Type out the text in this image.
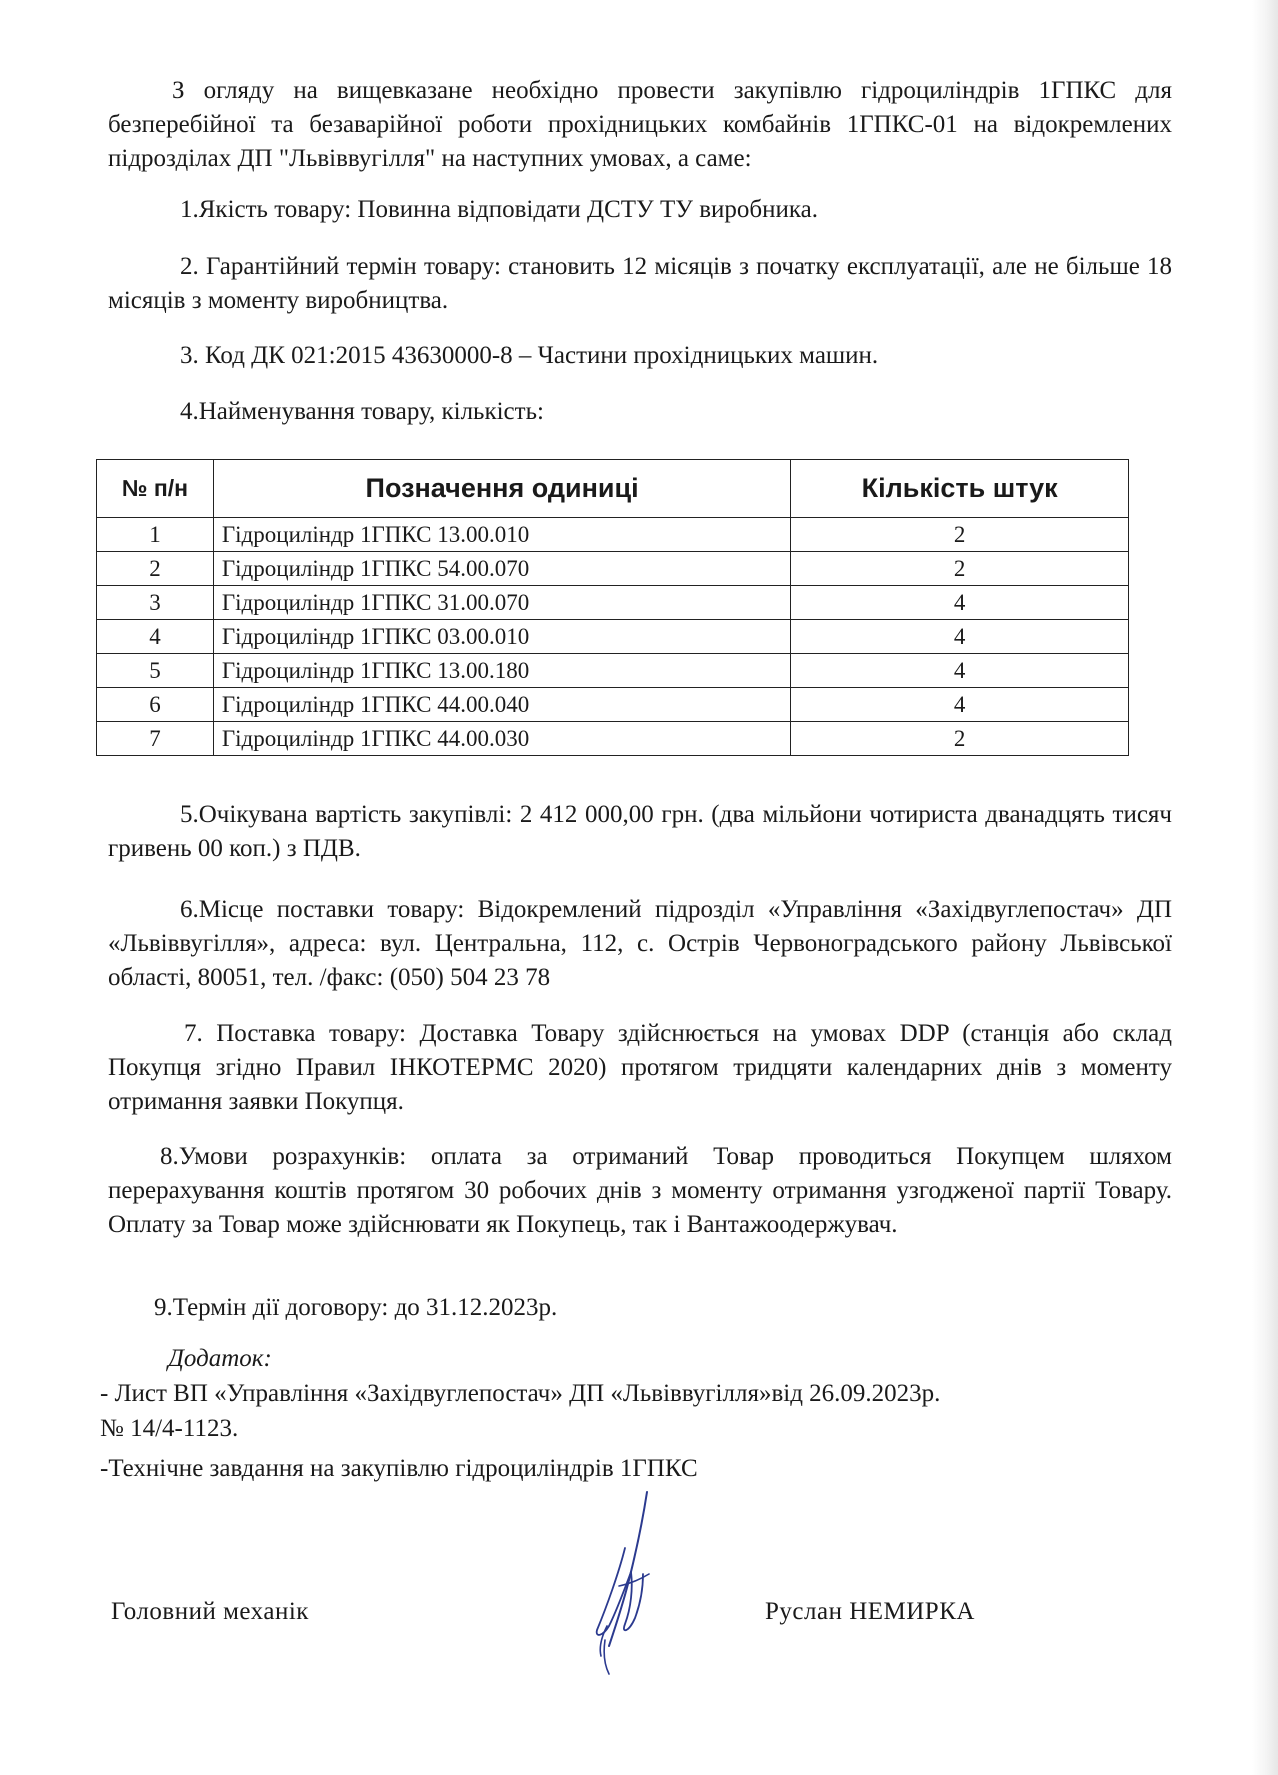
З огляду на вищевказане необхідно провести закупівлю гідроциліндрів 1ГПКС для безперебійної та безаварійної роботи прохідницьких комбайнів 1ГПКС-01 на відокремлених підрозділах ДП "Львіввугілля" на наступних умовах, а саме:

1.Якість товару: Повинна відповідати ДСТУ ТУ виробника.

2. Гарантійний термін товару: становить 12 місяців з початку експлуатації, але не більше 18 місяців з моменту виробництва.

3. Код ДК 021:2015 43630000-8 – Частини прохідницьких машин.

4.Найменування товару, кількість:

№ п/н	Позначення одиниці	Кількість штук
1	Гідроциліндр 1ГПКС 13.00.010	2
2	Гідроциліндр 1ГПКС 54.00.070	2
3	Гідроциліндр 1ГПКС 31.00.070	4
4	Гідроциліндр 1ГПКС 03.00.010	4
5	Гідроциліндр 1ГПКС 13.00.180	4
6	Гідроциліндр 1ГПКС 44.00.040	4
7	Гідроциліндр 1ГПКС 44.00.030	2

5.Очікувана вартість закупівлі: 2 412 000,00 грн. (два мільйони чотириста дванадцять тисяч гривень 00 коп.) з ПДВ.

6.Місце поставки товару: Відокремлений підрозділ «Управління «Західвуглепостач» ДП «Львіввугілля», адреса: вул. Центральна, 112, с. Острів Червоноградського району Львівської області, 80051, тел. /факс: (050) 504 23 78

7. Поставка товару: Доставка Товару здійснюється на умовах DDP (станція або склад Покупця згідно Правил ІНКОТЕРМС 2020) протягом тридцяти календарних днів з моменту отримання заявки Покупця.

8.Умови розрахунків: оплата за отриманий Товар проводиться Покупцем шляхом перерахування коштів протягом 30 робочих днів з моменту отримання узгодженої партії Товару. Оплату за Товар може здійснювати як Покупець, так і Вантажоодержувач.

9.Термін дії договору: до 31.12.2023р.

Додаток:
- Лист ВП «Управління «Західвуглепостач» ДП «Львіввугілля»від 26.09.2023р.
№ 14/4-1123.
-Технічне завдання на закупівлю гідроциліндрів 1ГПКС
Головний механік	Руслан НЕМИРКА
